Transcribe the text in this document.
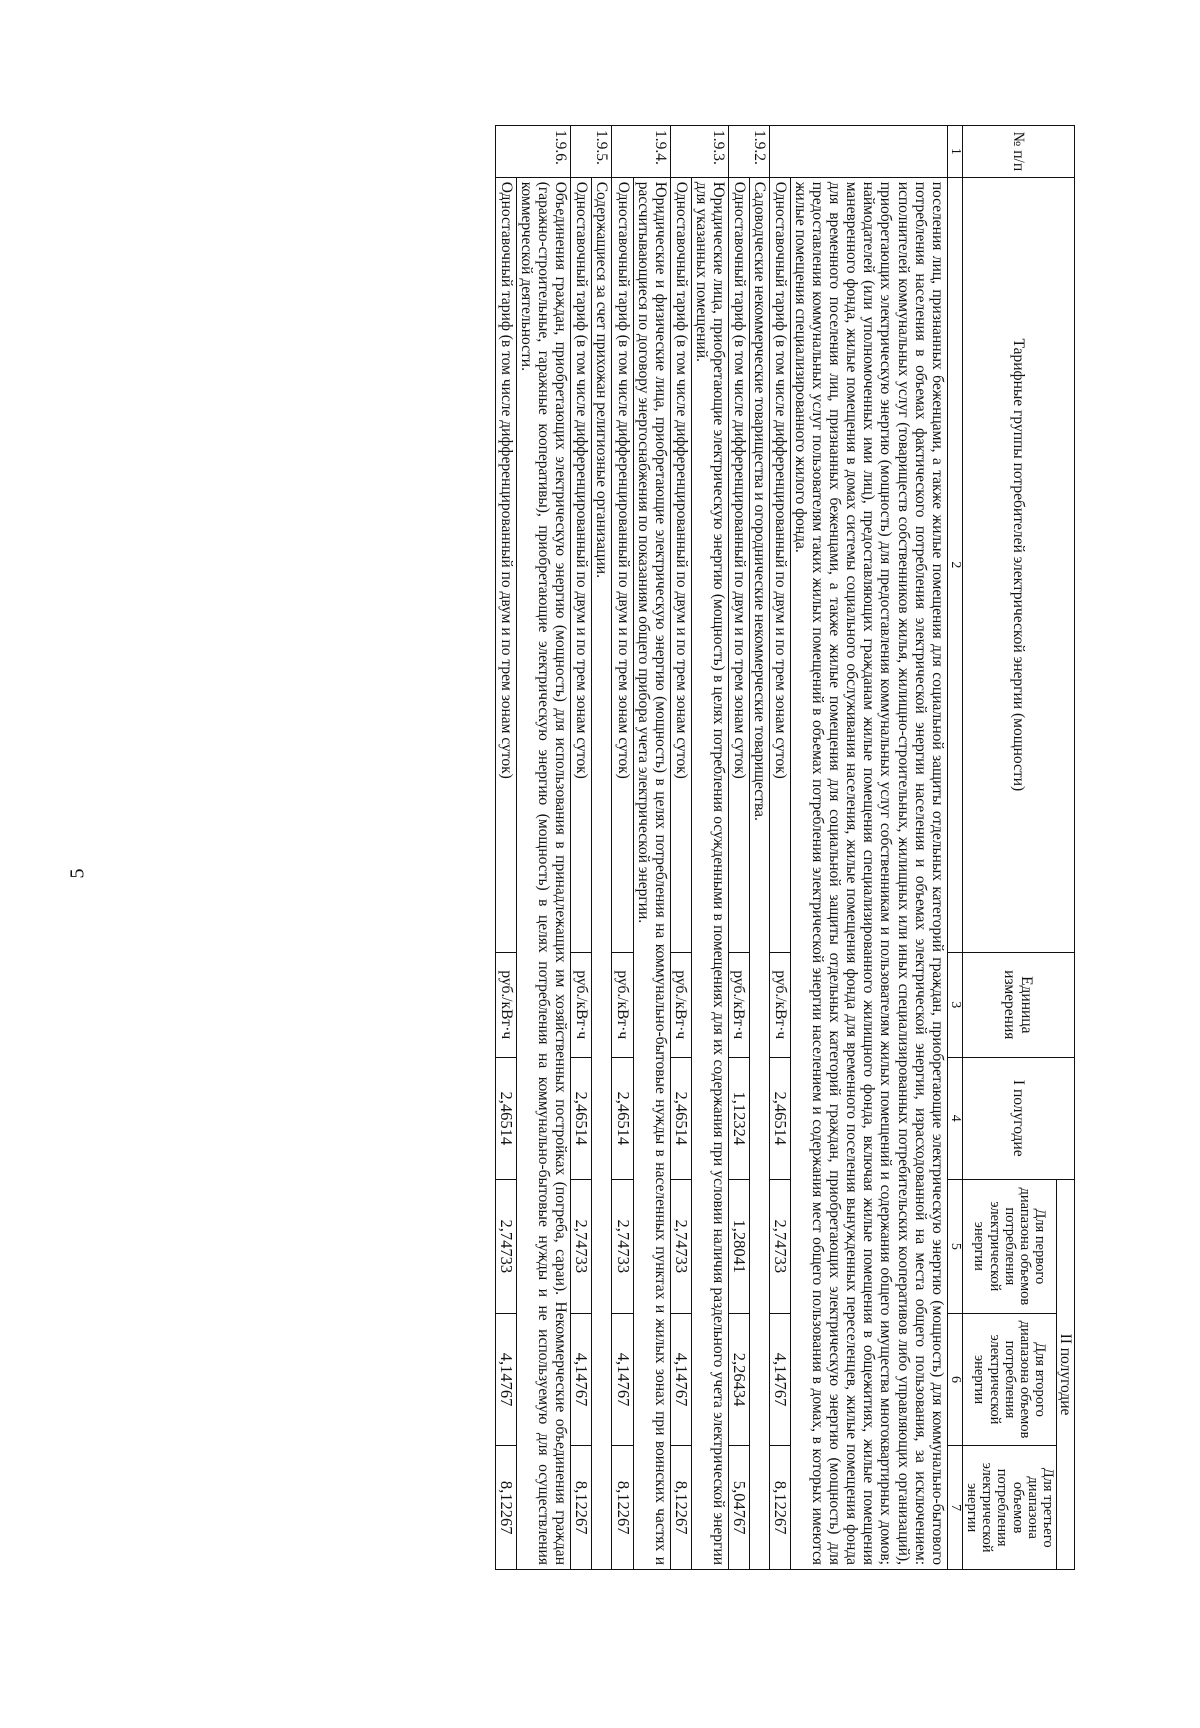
5
№ п/п	Тарифные группы потребителей электрической энергии (мощности)	Единица измерения	I полугодие	II полугодие		
				Для первого диапазона объемов потребления электрической энергии	Для второго диапазона объемов потребления электрической энергии	Для третьего диапазона объемов потребления электрической энергии
1	2	3	4	5	6	7
	поселения лиц, признанных беженцами, а также жилые помещения для социальной защиты отдельных категорий граждан, приобретающие электрическую энергию (мощность) для коммунально-бытового потребления населения в объемах фактического потребления электрической энергии населения и объемах электрической энергии, израсходованной на места общего пользования, за исключением: исполнителей коммунальных услуг (товариществ собственников жилья, жилищно-строительных, жилищных или иных специализированных потребительских кооперативов либо управляющих организаций), приобретающих электрическую энергию (мощность) для предоставления коммунальных услуг собственникам и пользователям жилых помещений и содержания общего имущества многоквартирных домов; наймодателей (или уполномоченных ими лиц), предоставляющих гражданам жилые помещения специализированного жилищного фонда, включая жилые помещения в общежитиях, жилые помещения маневренного фонда, жилые помещения в домах системы социального обслуживания населения, жилые помещения фонда для временного поселения вынужденных переселенцев, жилые помещения фонда для временного поселения лиц, признанных беженцами, а также жилые помещения для социальной защиты отдельных категорий граждан, приобретающих электрическую энергию (мощность) для предоставления коммунальных услуг пользователям таких жилых помещений в объемах потребления электрической энергии населением и содержания мест общего пользования в домах, в которых имеются жилые помещения специализированного жилого фонда.					
	Одноставочный тариф (в том числе дифференцированный по двум и по трем зонам суток)	руб./кВт·ч	2,46514	2,74733	4,14767	8,12267
1.9.2.	Садоводческие некоммерческие товарищества и огороднические некоммерческие товарищества.					
	Одноставочный тариф (в том числе дифференцированный по двум и по трем зонам суток)	руб./кВт·ч	1,12324	1,28041	2,26434	5,04767
1.9.3.	Юридические лица, приобретающие электрическую энергию (мощность) в целях потребления осужденными в помещениях для их содержания при условии наличия раздельного учета электрической энергии для указанных помещений.					
	Одноставочный тариф (в том числе дифференцированный по двум и по трем зонам суток)	руб./кВт·ч	2,46514	2,74733	4,14767	8,12267
1.9.4.	Юридические и физические лица, приобретающие электрическую энергию (мощность) в целях потребления на коммунально-бытовые нужды в населенных пунктах и жилых зонах при воинских частях и рассчитывающиеся по договору энергоснабжения по показаниям общего прибора учета электрической энергии.					
	Одноставочный тариф (в том числе дифференцированный по двум и по трем зонам суток)	руб./кВт·ч	2,46514	2,74733	4,14767	8,12267
1.9.5.	Содержащиеся за счет прихожан религиозные организации.					
	Одноставочный тариф (в том числе дифференцированный по двум и по трем зонам суток)	руб./кВт·ч	2,46514	2,74733	4,14767	8,12267
1.9.6.	Объединения граждан, приобретающих электрическую энергию (мощность) для использования в принадлежащих им хозяйственных постройках (погреба, сараи). Некоммерческие объединения граждан (гаражно-строительные, гаражные кооперативы), приобретающие электрическую энергию (мощность) в целях потребления на коммунально-бытовые нужды и не используемую для осуществления коммерческой деятельности.					
	Одноставочный тариф (в том числе дифференцированный по двум и по трем зонам суток)	руб./кВт·ч	2,46514	2,74733	4,14767	8,12267
